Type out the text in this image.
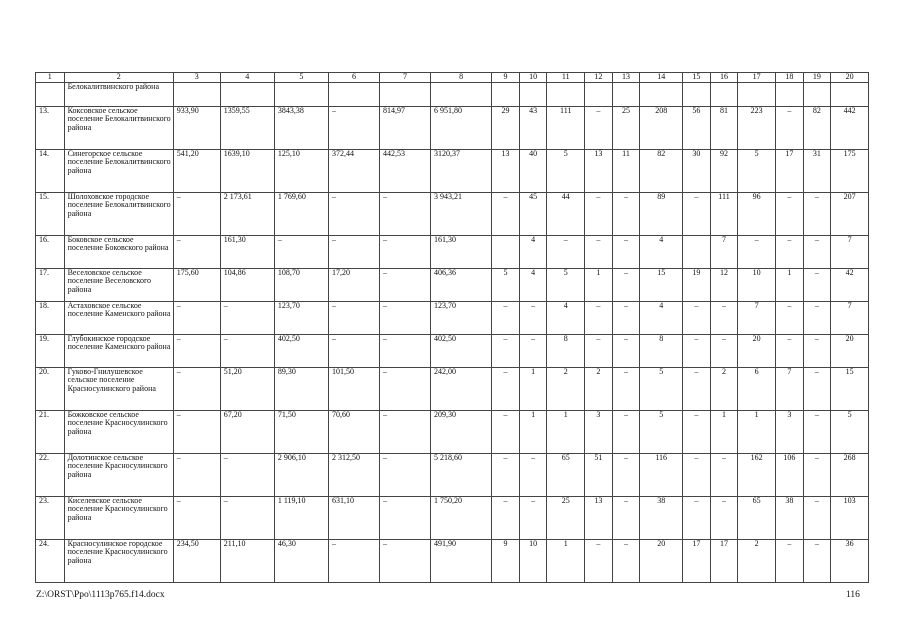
1	2	3	4	5	6	7	8	9	10	11	12	13	14	15	16	17	18	19	20
	Белокалитвинского района																		
13.	Коксовское сельское поселение Белокалитвинского района	933,90	1359,55	3843,38	–	814,97	6 951,80	29	43	111	–	25	208	56	81	223	–	82	442
14.	Синегорское сельское поселение Белокалитвинского района	541,20	1639,10	125,10	372,44	442,53	3120,37	13	40	5	13	11	82	30	92	5	17	31	175
15.	Шолоховское городское поселение Белокалитвинского района	–	2 173,61	1 769,60	–	–	3 943,21	–	45	44	–	–	89	–	111	96	–	–	207
16.	Боковское сельское поселение Боковского района	–	161,30	–	–	–	161,30		4	–	–	–	4		7	–	–	–	7
17.	Веселовское сельское поселение Веселовского района	175,60	104,86	108,70	17,20	–	406,36	5	4	5	1	–	15	19	12	10	1	–	42
18.	Астаховское сельское поселение Каменского района	–	–	123,70	–	–	123,70	–	–	4	–	–	4	–	–	7	–	–	7
19.	Глубокинское городское поселение Каменского района	–	–	402,50	–	–	402,50	–	–	8	–	–	8	–	–	20	–	–	20
20.	Гуково-Гнилушевское сельское поселение Красносулинского района	–	51,20	89,30	101,50	–	242,00	–	1	2	2	–	5	–	2	6	7	–	15
21.	Божковское сельское поселение Красносулинского района	–	67,20	71,50	70,60	–	209,30	–	1	1	3	–	5	–	1	1	3	–	5
22.	Долотинское сельское поселение Красносулинского района	–	–	2 906,10	2 312,50	–	5 218,60	–	–	65	51	–	116	–	–	162	106	–	268
23.	Киселевское сельское поселение Красносулинского района	–	–	1 119,10	631,10	–	1 750,20	–	–	25	13	–	38	–	–	65	38	–	103
24.	Красносулинское городское поселение Красносулинского района	234,50	211,10	46,30	–	–	491,90	9	10	1	–	–	20	17	17	2	–	–	36
Z:\ORST\Ppo\1113p765.f14.docx	116
